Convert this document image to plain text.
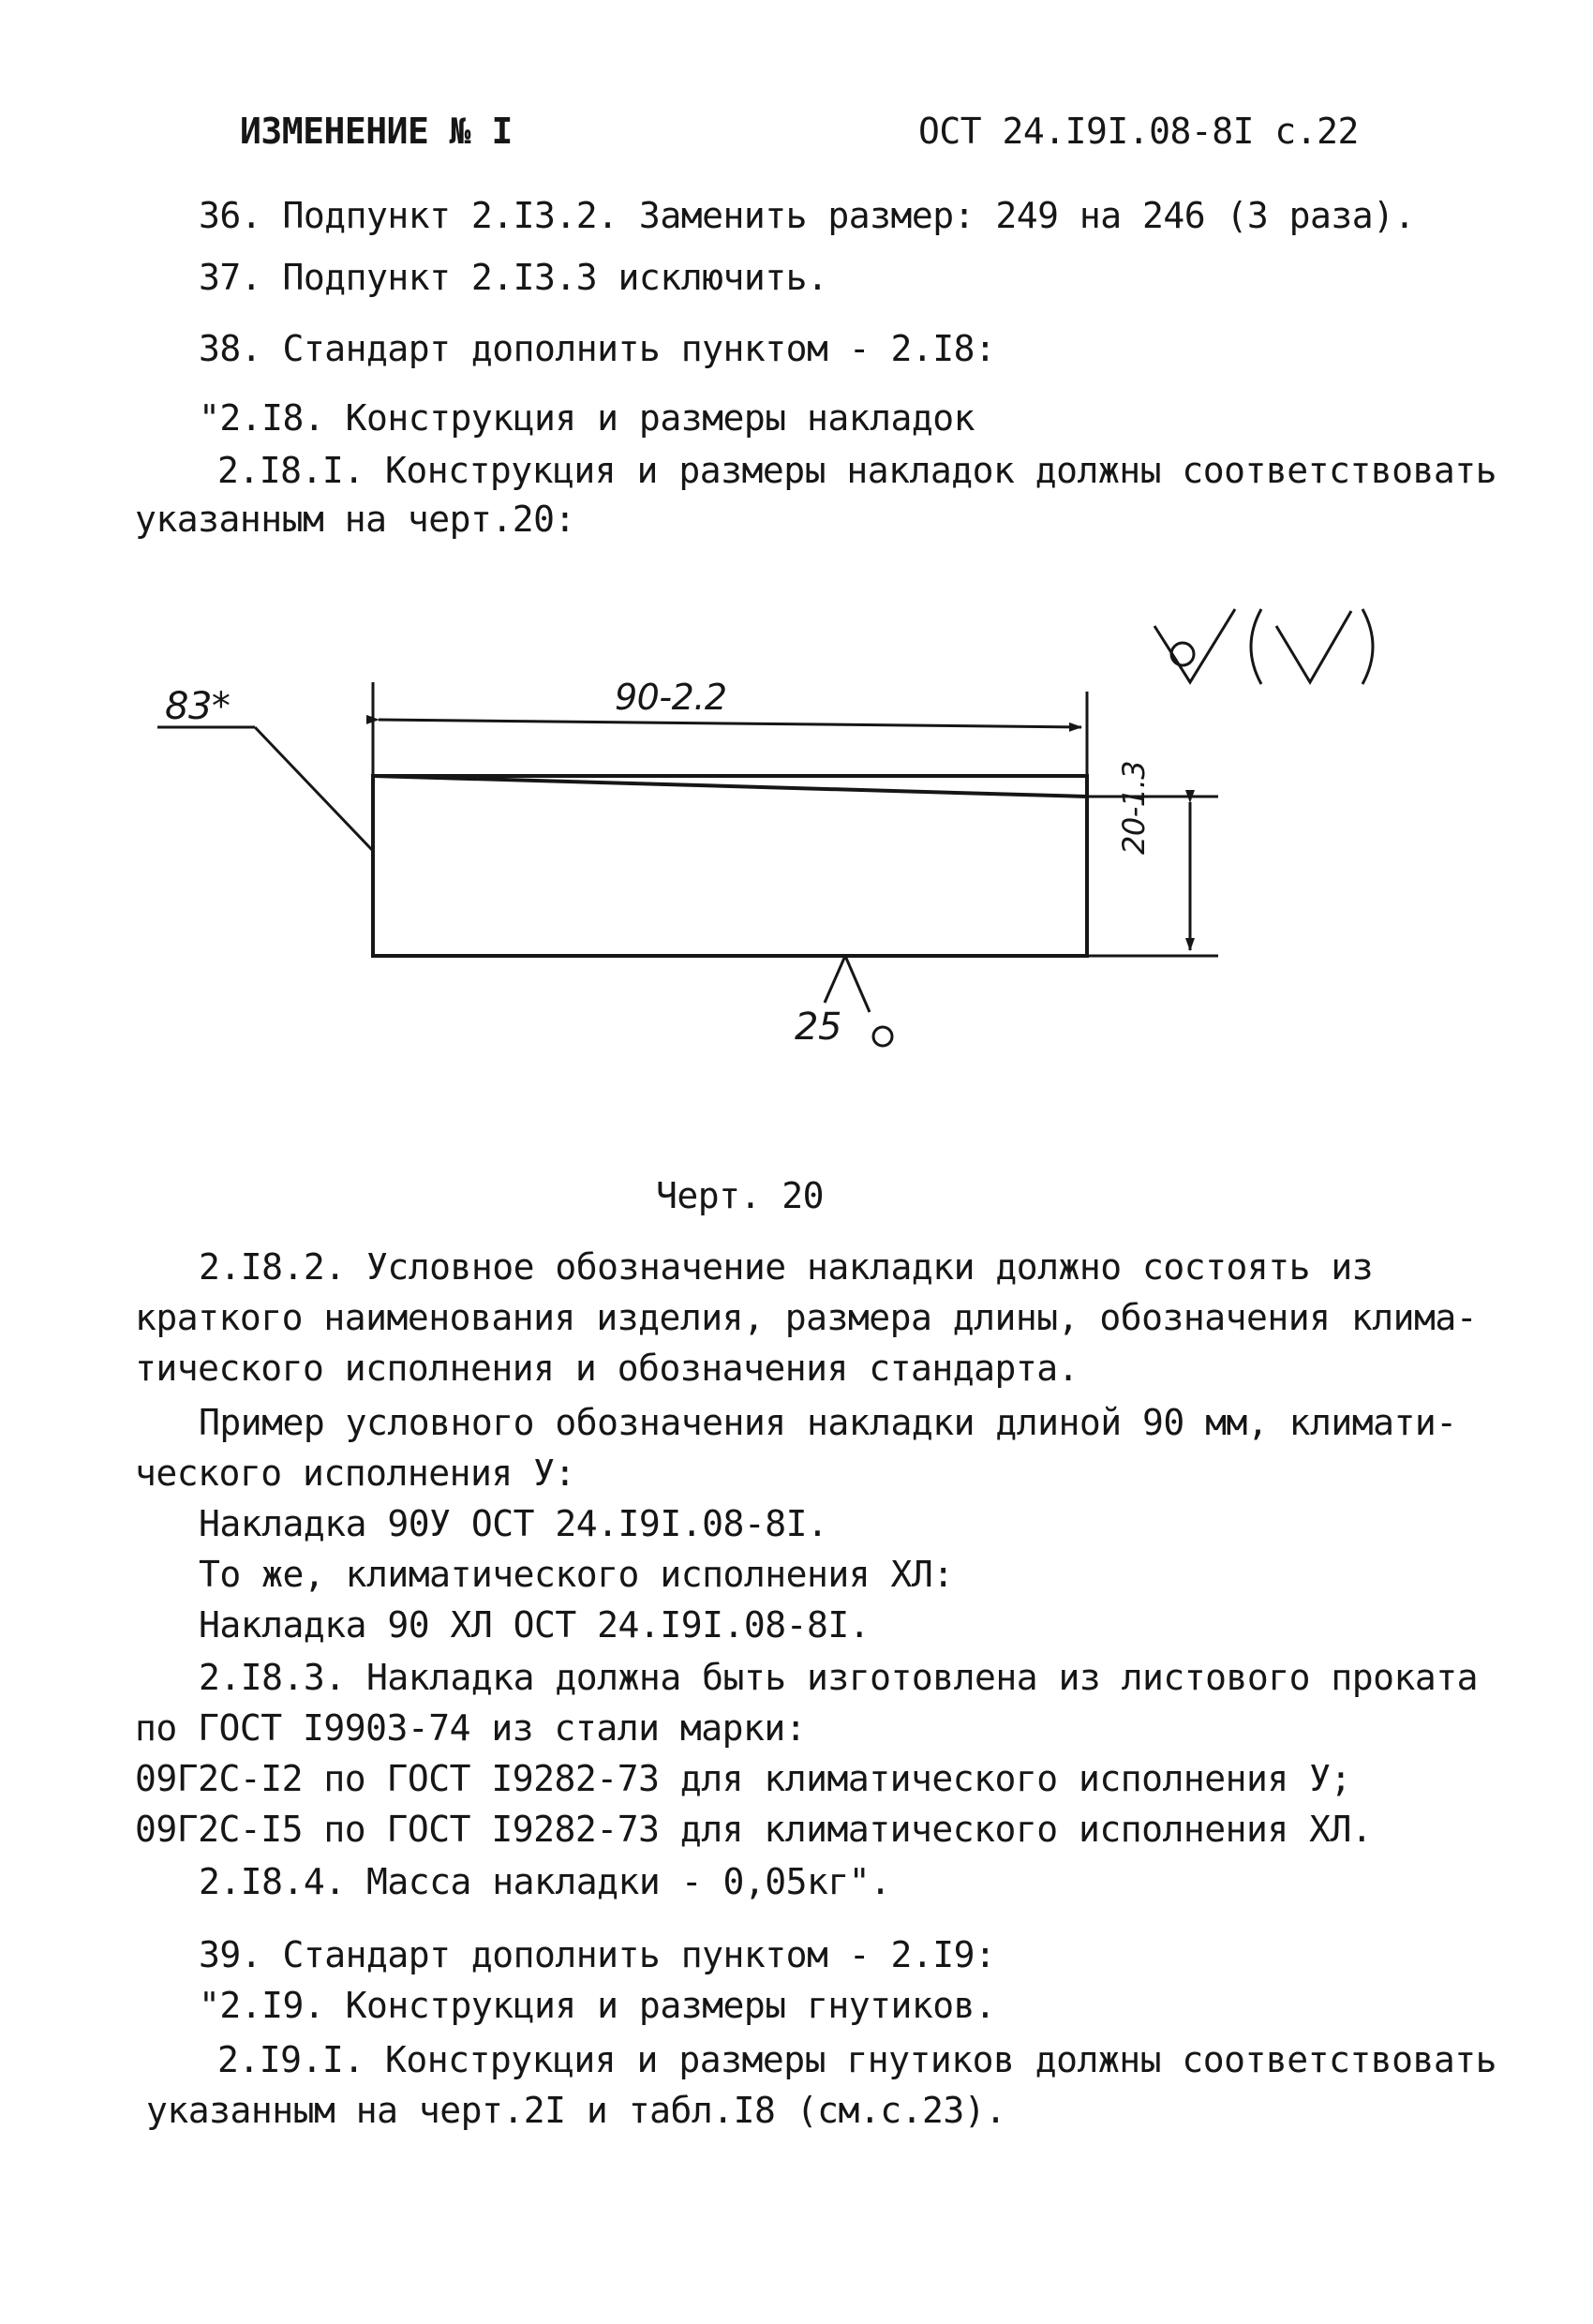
ИЗМЕНЕНИЕ № I	ОСТ 24.I9I.08-8I с.22
36. Подпункт 2.I3.2. Заменить размер: 249 на 246 (3 раза).
37. Подпункт 2.I3.3 исключить.
38. Стандарт дополнить пунктом - 2.I8:
"2.I8. Конструкция и размеры накладок
2.I8.I. Конструкция и размеры накладок должны соответствовать
указанным на черт.20:
83*	90-2.2
20-1.3
25
Черт. 20
2.I8.2. Условное обозначение накладки должно состоять из
краткого наименования изделия, размера длины, обозначения клима-
тического исполнения и обозначения стандарта.
Пример условного обозначения накладки длиной 90 мм, климати-
ческого исполнения У:
Накладка 90У ОСТ 24.I9I.08-8I.
То же, климатического исполнения ХЛ:
Накладка 90 ХЛ ОСТ 24.I9I.08-8I.
2.I8.3. Накладка должна быть изготовлена из листового проката
по ГОСТ I9903-74 из стали марки:
09Г2С-I2 по ГОСТ I9282-73 для климатического исполнения У;
09Г2С-I5 по ГОСТ I9282-73 для климатического исполнения ХЛ.
2.I8.4. Масса накладки - 0,05кг".
39. Стандарт дополнить пунктом - 2.I9:
"2.I9. Конструкция и размеры гнутиков.
2.I9.I. Конструкция и размеры гнутиков должны соответствовать
указанным на черт.2I и табл.I8 (см.с.23).
